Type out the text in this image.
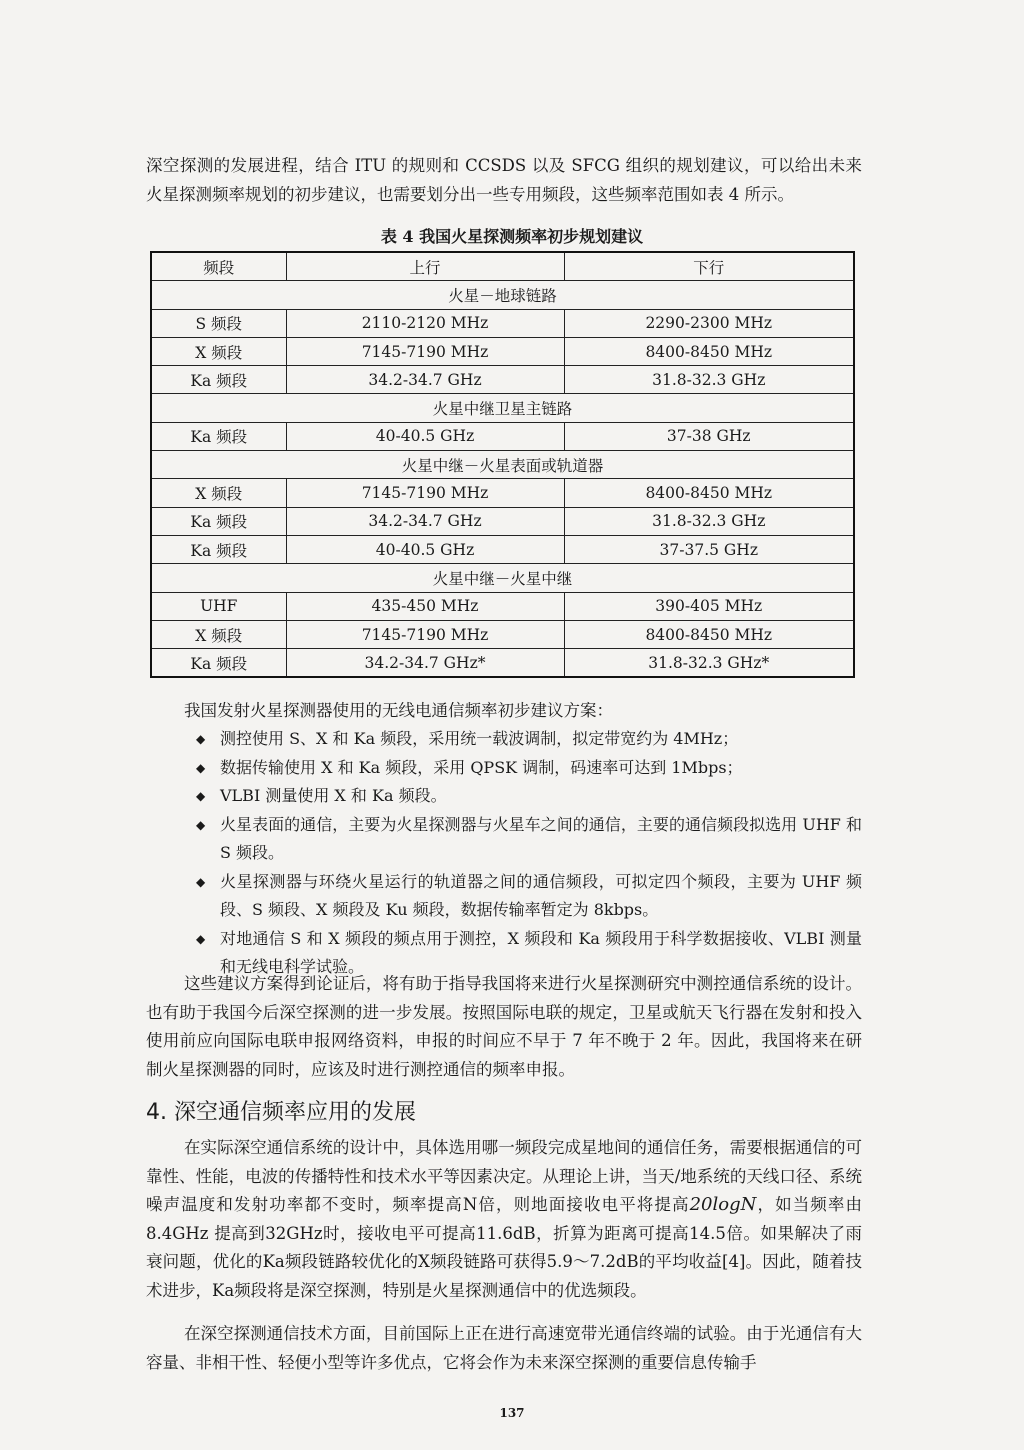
深空探测的发展进程，结合 ITU 的规则和 CCSDS 以及 SFCG 组织的规划建议，可以给出未来火星探测频率规划的初步建议，也需要划分出一些专用频段，这些频率范围如表 4 所示。

表 4 我国火星探测频率初步规划建议
频段	上行	下行
火星－地球链路		
S 频段	2110-2120 MHz	2290-2300 MHz
X 频段	7145-7190 MHz	8400-8450 MHz
Ka 频段	34.2-34.7 GHz	31.8-32.3 GHz
火星中继卫星主链路		
Ka 频段	40-40.5 GHz	37-38 GHz
火星中继－火星表面或轨道器		
X 频段	7145-7190 MHz	8400-8450 MHz
Ka 频段	34.2-34.7 GHz	31.8-32.3 GHz
Ka 频段	40-40.5 GHz	37-37.5 GHz
火星中继－火星中继		
UHF	435-450 MHz	390-405 MHz
X 频段	7145-7190 MHz	8400-8450 MHz
Ka 频段	34.2-34.7 GHz*	31.8-32.3 GHz*

我国发射火星探测器使用的无线电通信频率初步建议方案：

◆ 测控使用 S、X 和 Ka 频段，采用统一载波调制，拟定带宽约为 4MHz；
◆ 数据传输使用 X 和 Ka 频段，采用 QPSK 调制，码速率可达到 1Mbps；
◆ VLBI 测量使用 X 和 Ka 频段。
◆ 火星表面的通信，主要为火星探测器与火星车之间的通信，主要的通信频段拟选用 UHF 和 S 频段。
◆ 火星探测器与环绕火星运行的轨道器之间的通信频段，可拟定四个频段，主要为 UHF 频段、S 频段、X 频段及 Ku 频段，数据传输率暂定为 8kbps。
◆ 对地通信 S 和 X 频段的频点用于测控，X 频段和 Ka 频段用于科学数据接收、VLBI 测量和无线电科学试验。

这些建议方案得到论证后，将有助于指导我国将来进行火星探测研究中测控通信系统的设计。也有助于我国今后深空探测的进一步发展。按照国际电联的规定，卫星或航天飞行器在发射和投入使用前应向国际电联申报网络资料，申报的时间应不早于 7 年不晚于 2 年。因此，我国将来在研制火星探测器的同时，应该及时进行测控通信的频率申报。

4. 深空通信频率应用的发展

在实际深空通信系统的设计中，具体选用哪一频段完成星地间的通信任务，需要根据通信的可靠性、性能，电波的传播特性和技术水平等因素决定。从理论上讲，当天/地系统的天线口径、系统噪声温度和发射功率都不变时，频率提高N倍，则地面接收电平将提高20logN，如当频率由8.4GHz 提高到32GHz时，接收电平可提高11.6dB，折算为距离可提高14.5倍。如果解决了雨衰问题，优化的Ka频段链路较优化的X频段链路可获得5.9～7.2dB的平均收益[4]。因此，随着技术进步，Ka频段将是深空探测，特别是火星探测通信中的优选频段。

在深空探测通信技术方面，目前国际上正在进行高速宽带光通信终端的试验。由于光通信有大容量、非相干性、轻便小型等许多优点，它将会作为未来深空探测的重要信息传输手

137
